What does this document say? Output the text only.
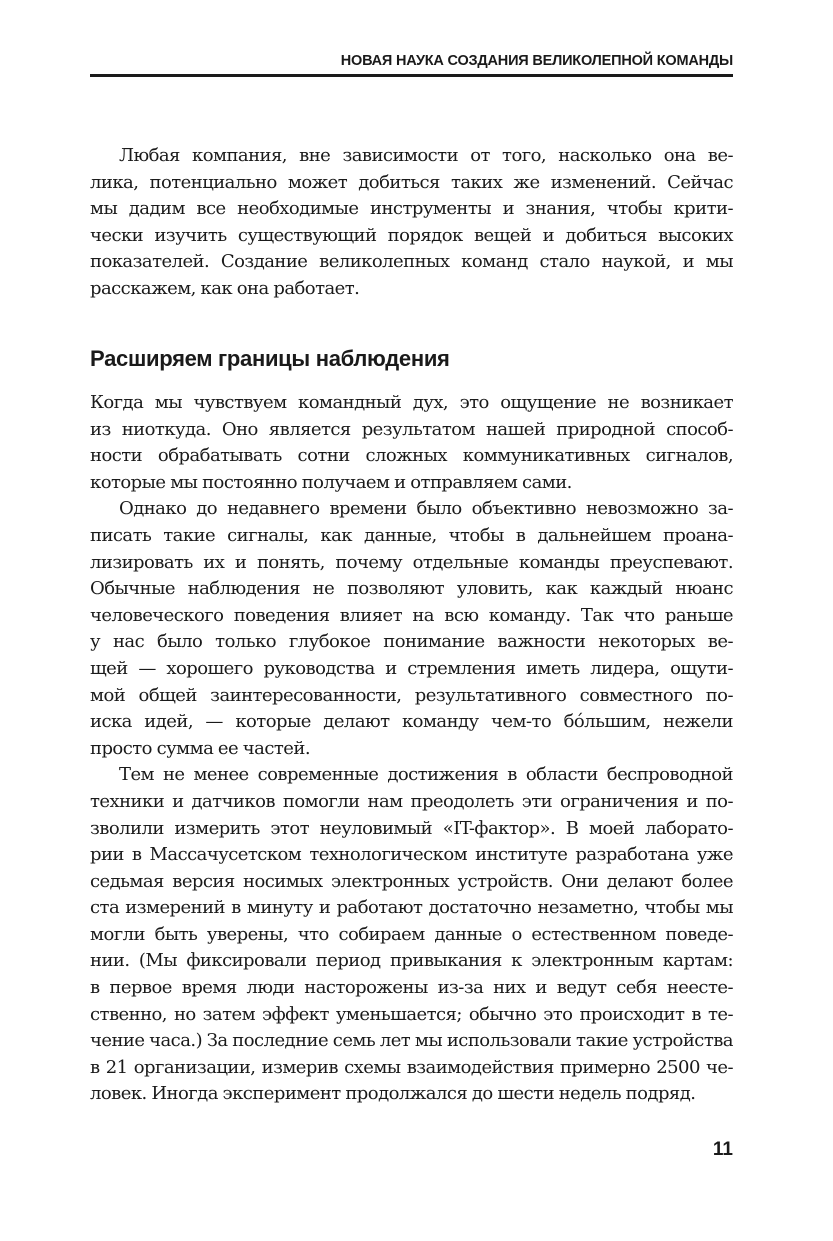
НОВАЯ НАУКА СОЗДАНИЯ ВЕЛИКОЛЕПНОЙ КОМАНДЫ
Любая компания, вне зависимости от того, насколько она ве-
лика, потенциально может добиться таких же изменений. Сейчас
мы дадим все необходимые инструменты и знания, чтобы крити-
чески изучить существующий порядок вещей и добиться высоких
показателей. Создание великолепных команд стало наукой, и мы
расскажем, как она работает.
Расширяем границы наблюдения
Когда мы чувствуем командный дух, это ощущение не возникает
из ниоткуда. Оно является результатом нашей природной способ-
ности обрабатывать сотни сложных коммуникативных сигналов,
которые мы постоянно получаем и отправляем сами.
Однако до недавнего времени было объективно невозможно за-
писать такие сигналы, как данные, чтобы в дальнейшем проана-
лизировать их и понять, почему отдельные команды преуспевают.
Обычные наблюдения не позволяют уловить, как каждый нюанс
человеческого поведения влияет на всю команду. Так что раньше
у нас было только глубокое понимание важности некоторых ве-
щей — хорошего руководства и стремления иметь лидера, ощути-
мой общей заинтересованности, результативного совместного по-
иска идей, — которые делают команду чем-то бóльшим, нежели
просто сумма ее частей.
Тем не менее современные достижения в области беспроводной
техники и датчиков помогли нам преодолеть эти ограничения и по-
зволили измерить этот неуловимый «IT-фактор». В моей лаборато-
рии в Массачусетском технологическом институте разработана уже
седьмая версия носимых электронных устройств. Они делают более
ста измерений в минуту и работают достаточно незаметно, чтобы мы
могли быть уверены, что собираем данные о естественном поведе-
нии. (Мы фиксировали период привыкания к электронным картам:
в первое время люди насторожены из-за них и ведут себя неесте-
ственно, но затем эффект уменьшается; обычно это происходит в те-
чение часа.) За последние семь лет мы использовали такие устройства
в 21 организации, измерив схемы взаимодействия примерно 2500 че-
ловек. Иногда эксперимент продолжался до шести недель подряд.
11
